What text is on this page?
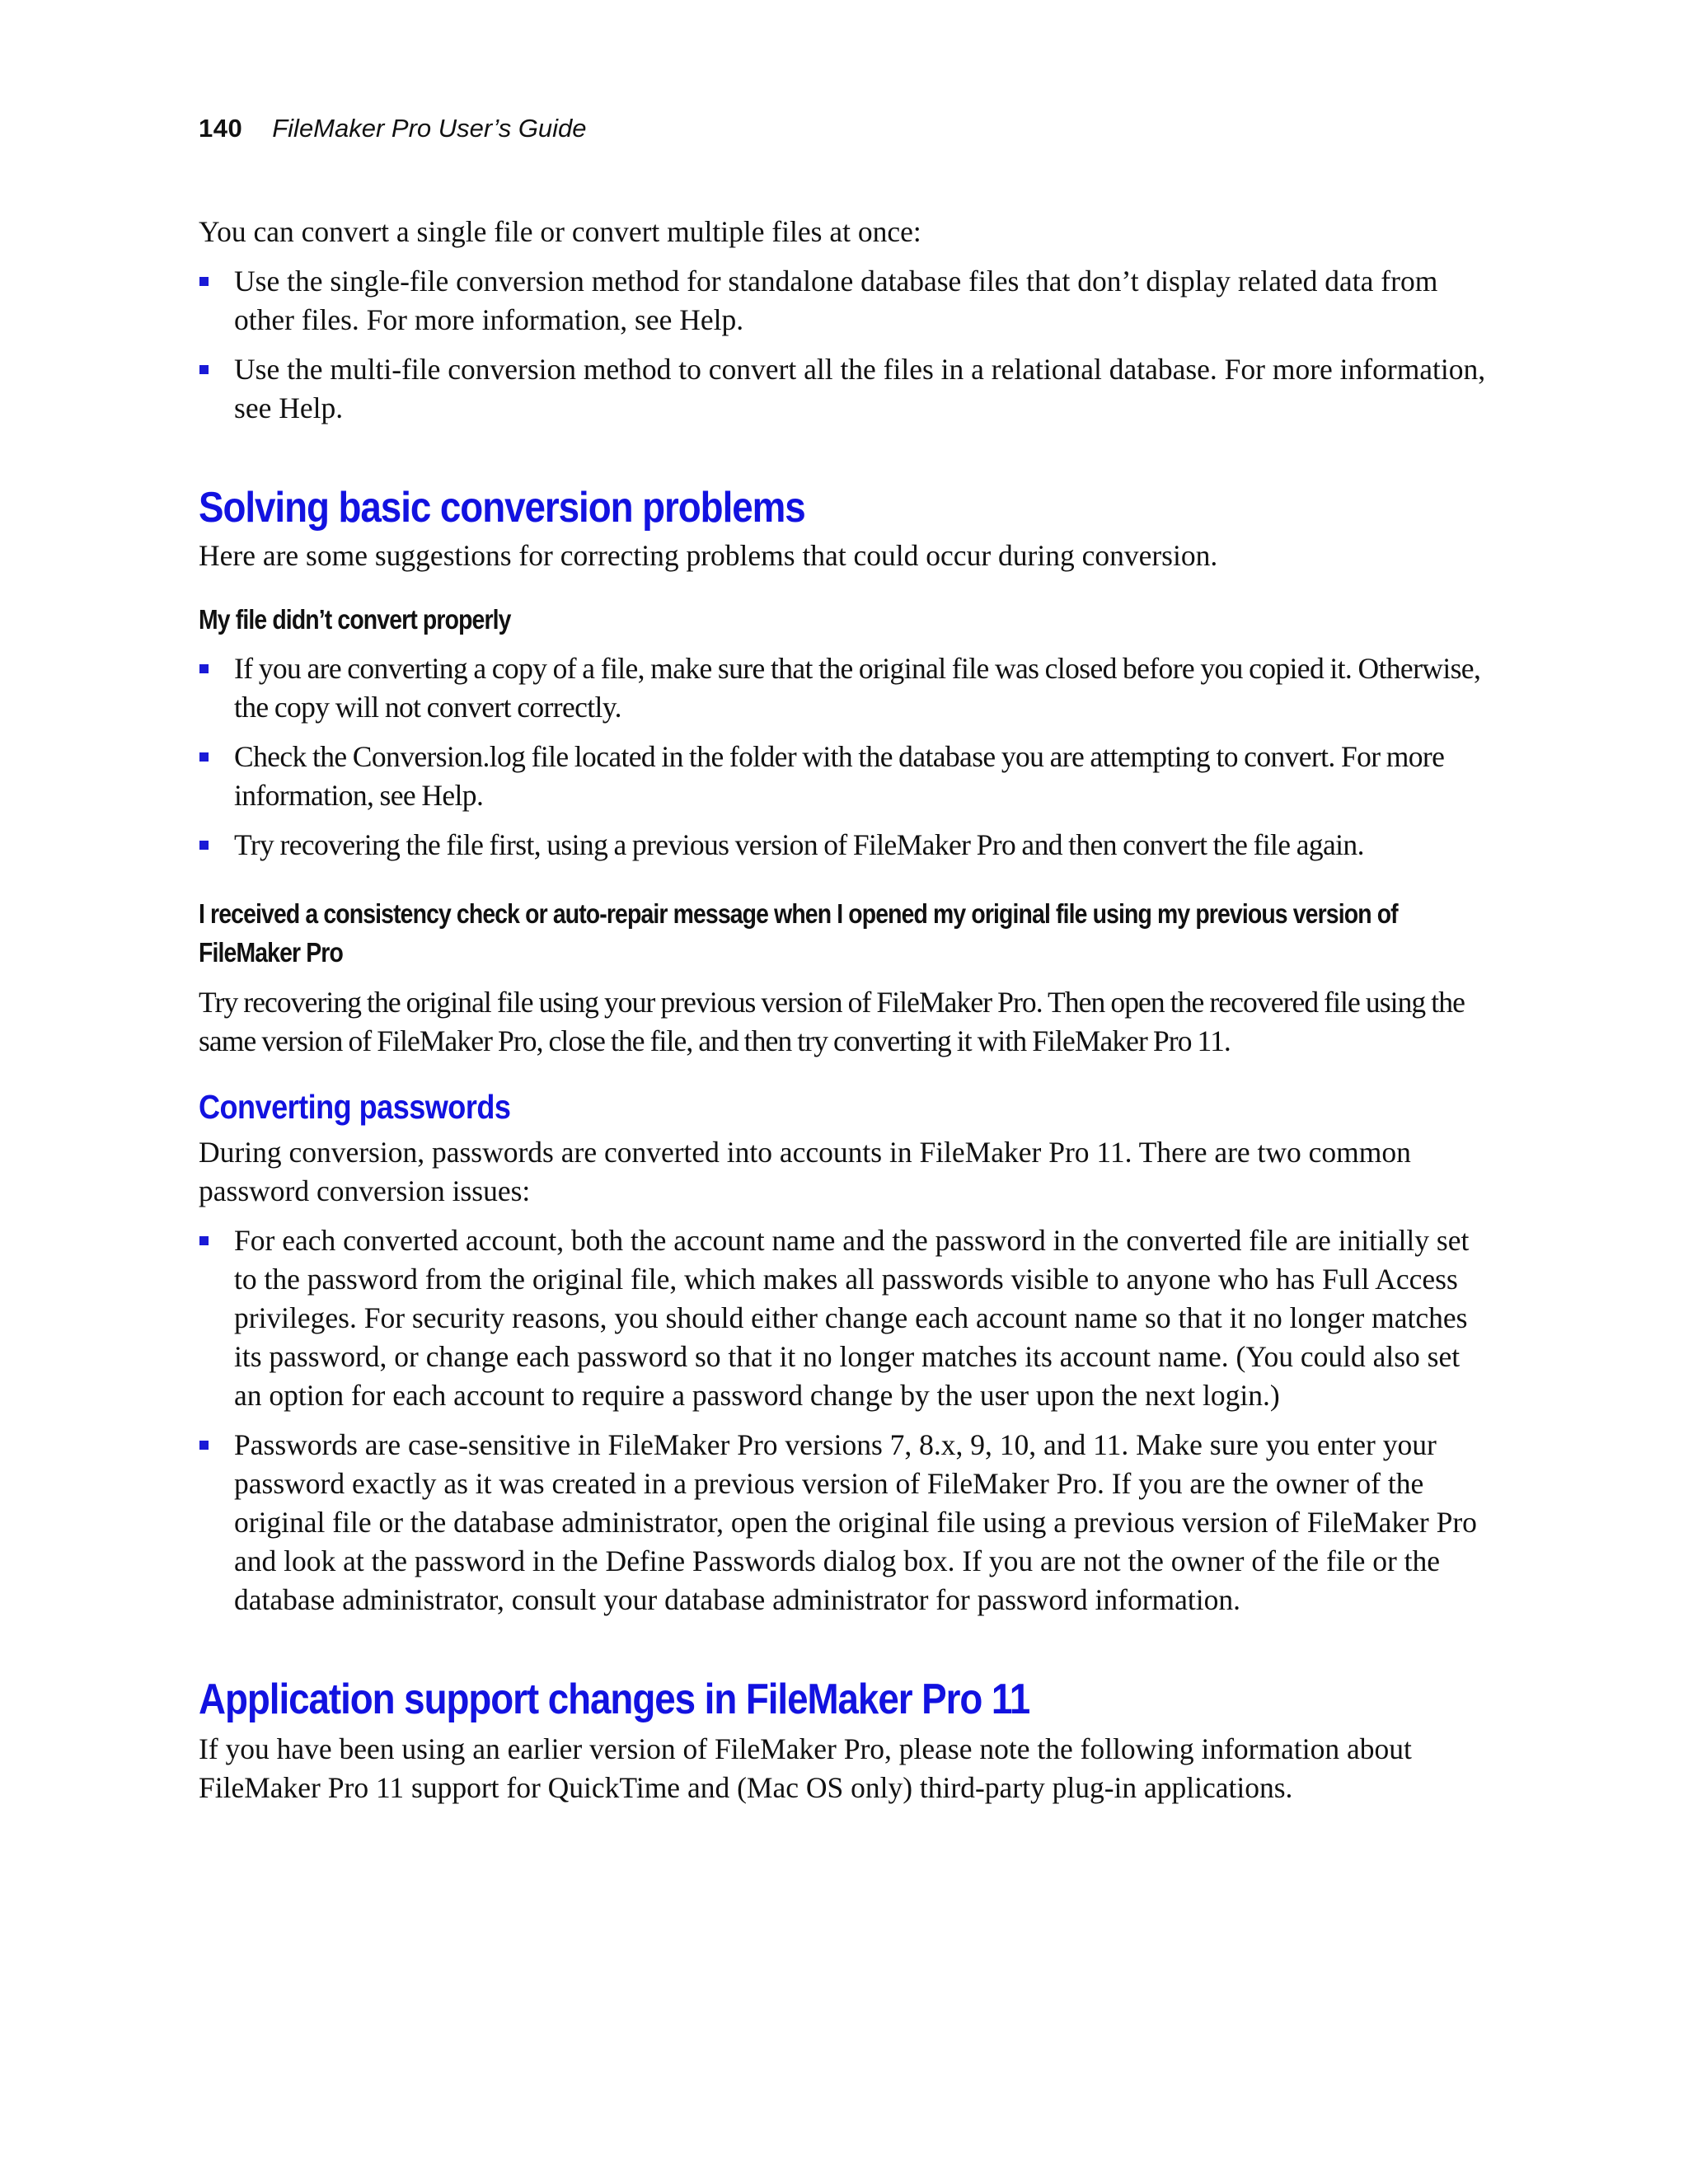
140 FileMaker Pro User’s Guide

You can convert a single file or convert multiple files at once:

Use the single-file conversion method for standalone database files that don’t display related data from other files. For more information, see Help.
Use the multi-file conversion method to convert all the files in a relational database. For more information, see Help.
Solving basic conversion problems

Here are some suggestions for correcting problems that could occur during conversion.

My file didn’t convert properly
If you are converting a copy of a file, make sure that the original file was closed before you copied it. Otherwise, the copy will not convert correctly.
Check the Conversion.log file located in the folder with the database you are attempting to convert. For more information, see Help.
Try recovering the file first, using a previous version of FileMaker Pro and then convert the file again.
I received a consistency check or auto-repair message when I opened my original file using my previous version of FileMaker Pro

Try recovering the original file using your previous version of FileMaker Pro. Then open the recovered file using the same version of FileMaker Pro, close the file, and then try converting it with FileMaker Pro 11.

Converting passwords

During conversion, passwords are converted into accounts in FileMaker Pro 11. There are two common password conversion issues:

For each converted account, both the account name and the password in the converted file are initially set to the password from the original file, which makes all passwords visible to anyone who has Full Access privileges. For security reasons, you should either change each account name so that it no longer matches its password, or change each password so that it no longer matches its account name. (You could also set an option for each account to require a password change by the user upon the next login.)
Passwords are case-sensitive in FileMaker Pro versions 7, 8.x, 9, 10, and 11. Make sure you enter your password exactly as it was created in a previous version of FileMaker Pro. If you are the owner of the original file or the database administrator, open the original file using a previous version of FileMaker Pro and look at the password in the Define Passwords dialog box. If you are not the owner of the file or the database administrator, consult your database administrator for password information.
Application support changes in FileMaker Pro 11

If you have been using an earlier version of FileMaker Pro, please note the following information about FileMaker Pro 11 support for QuickTime and (Mac OS only) third-party plug-in applications.
